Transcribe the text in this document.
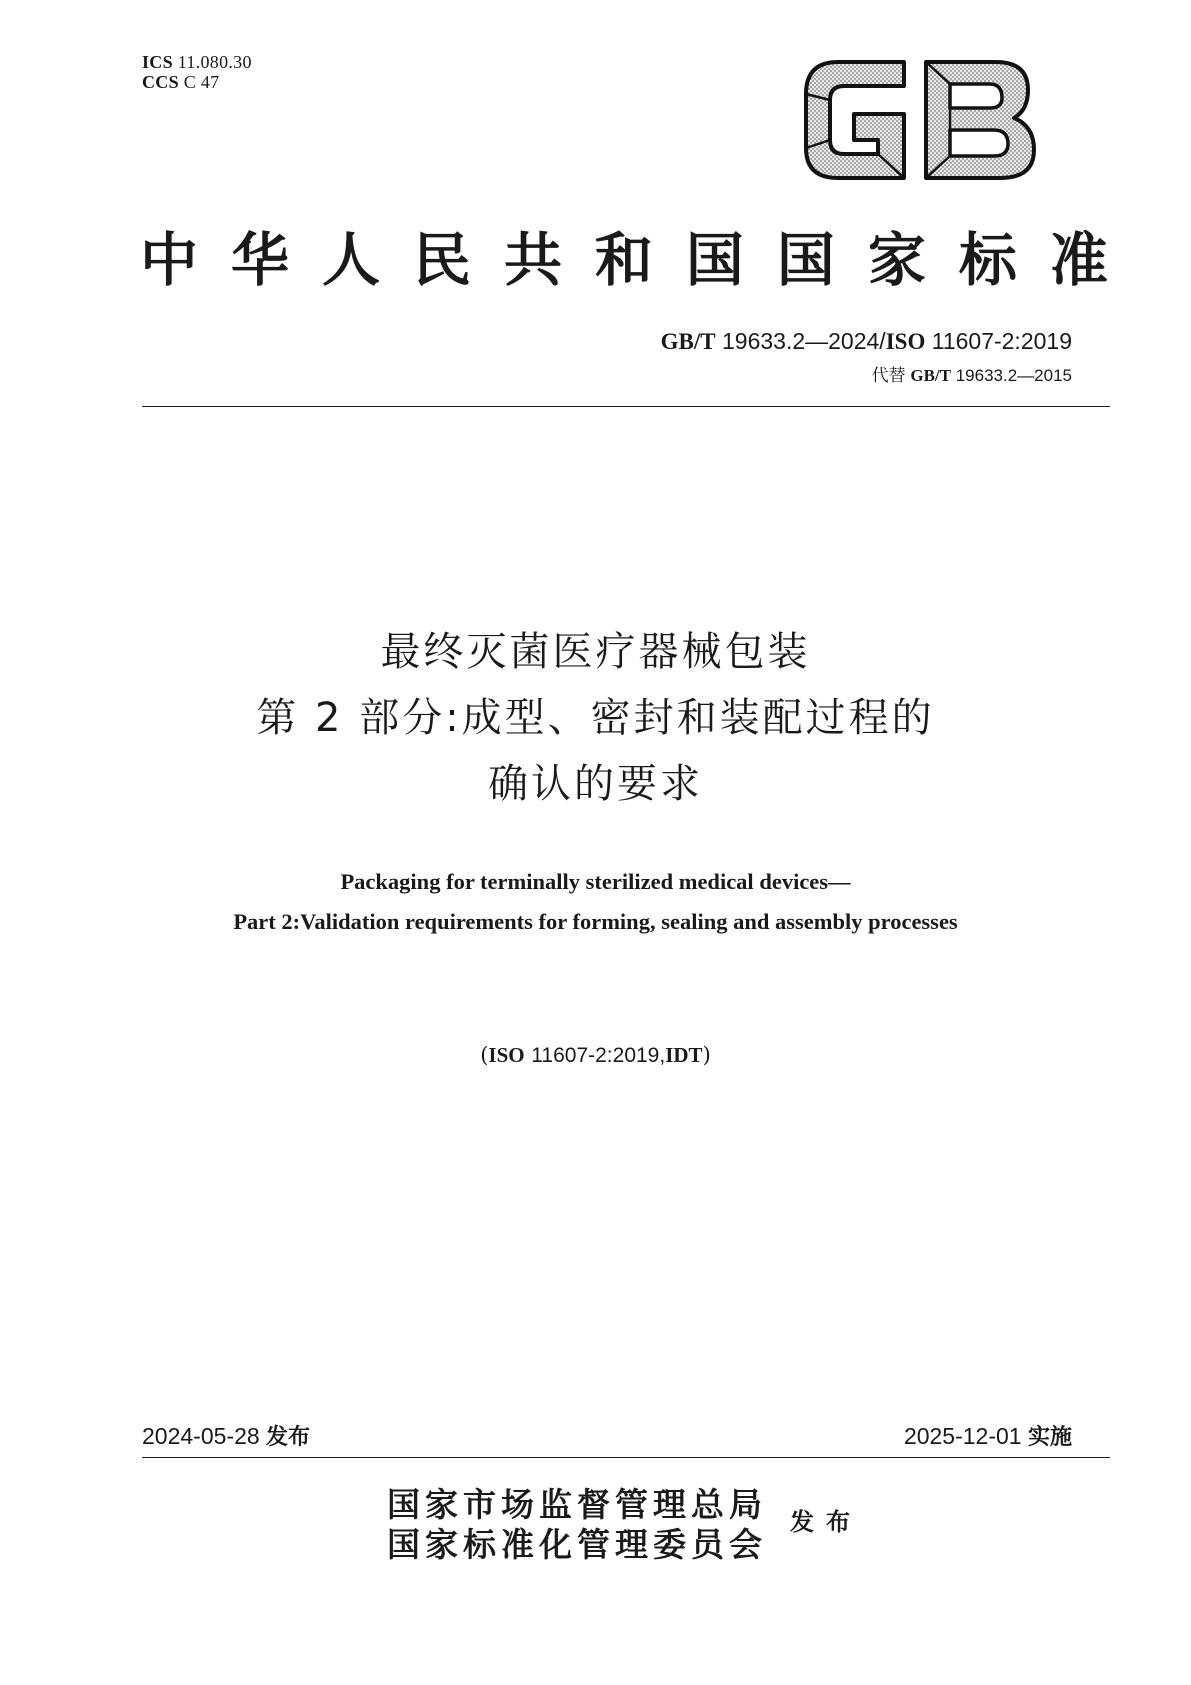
ICS 11.080.30
CCS C 47
中 华 人 民 共 和 国 国 家 标 准
GB/T 19633.2—2024/ISO 11607-2:2019
代替 GB/T 19633.2—2015
最终灭菌医疗器械包装
第 2 部分:成型、密封和装配过程的
确认的要求
Packaging for terminally sterilized medical devices—
Part 2:Validation requirements for forming, sealing and assembly processes
(ISO 11607-2:2019,IDT)
2024-05-28 发布	2025-12-01 实施
国家市场监督管理总局
国家标准化管理委员会
发布
